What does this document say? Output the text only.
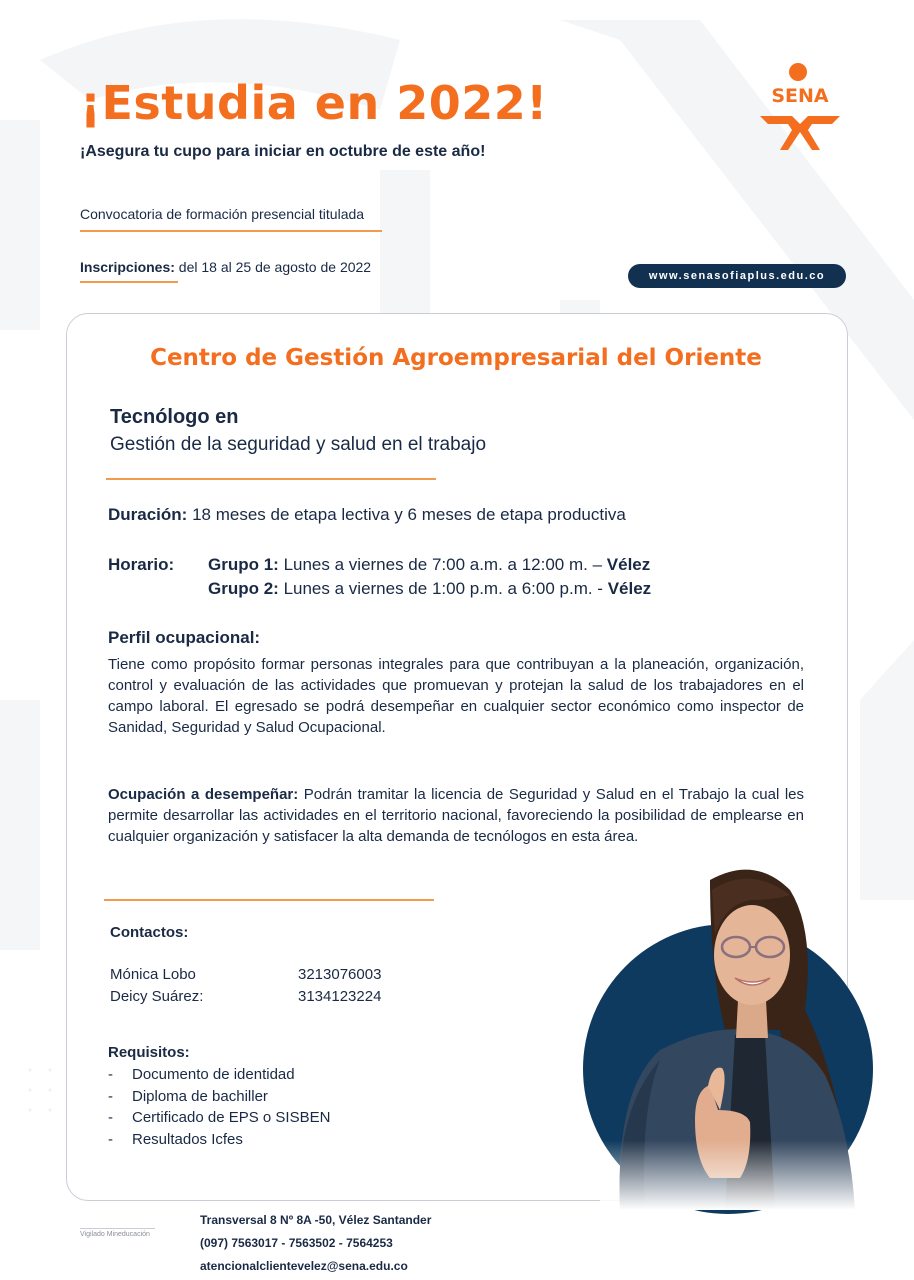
¡Estudia en 2022!
¡Asegura tu cupo para iniciar en octubre de este año!
Convocatoria de formación presencial titulada
Inscripciones: del 18 al 25 de agosto de 2022
www.senasofiaplus.edu.co
SENA
Centro de Gestión Agroempresarial del Oriente
Tecnólogo en
Gestión de la seguridad y salud en el trabajo
Duración: 18 meses de etapa lectiva y 6 meses de etapa productiva
Horario: Grupo 1: Lunes a viernes de 7:00 a.m. a 12:00 m. – Vélez
Grupo 2: Lunes a viernes de 1:00 p.m. a 6:00 p.m. - Vélez
Perfil ocupacional:
Tiene como propósito formar personas integrales para que contribuyan a la planeación, organización, control y evaluación de las actividades que promuevan y protejan la salud de los trabajadores en el campo laboral. El egresado se podrá desempeñar en cualquier sector económico como inspector de Sanidad, Seguridad y Salud Ocupacional.
Ocupación a desempeñar: Podrán tramitar la licencia de Seguridad y Salud en el Trabajo la cual les permite desarrollar las actividades en el territorio nacional, favoreciendo la posibilidad de emplearse en cualquier organización y satisfacer la alta demanda de tecnólogos en esta área.
Contactos:
Mónica Lobo	3213076003
Deicy Suárez:	3134123224
Requisitos:
- Documento de identidad
- Diploma de bachiller
- Certificado de EPS o SISBEN
- Resultados Icfes
Vigilado Mineducación
Transversal 8 Nº 8A -50, Vélez Santander
(097) 7563017 - 7563502 - 7564253
atencionalclientevelez@sena.edu.co
